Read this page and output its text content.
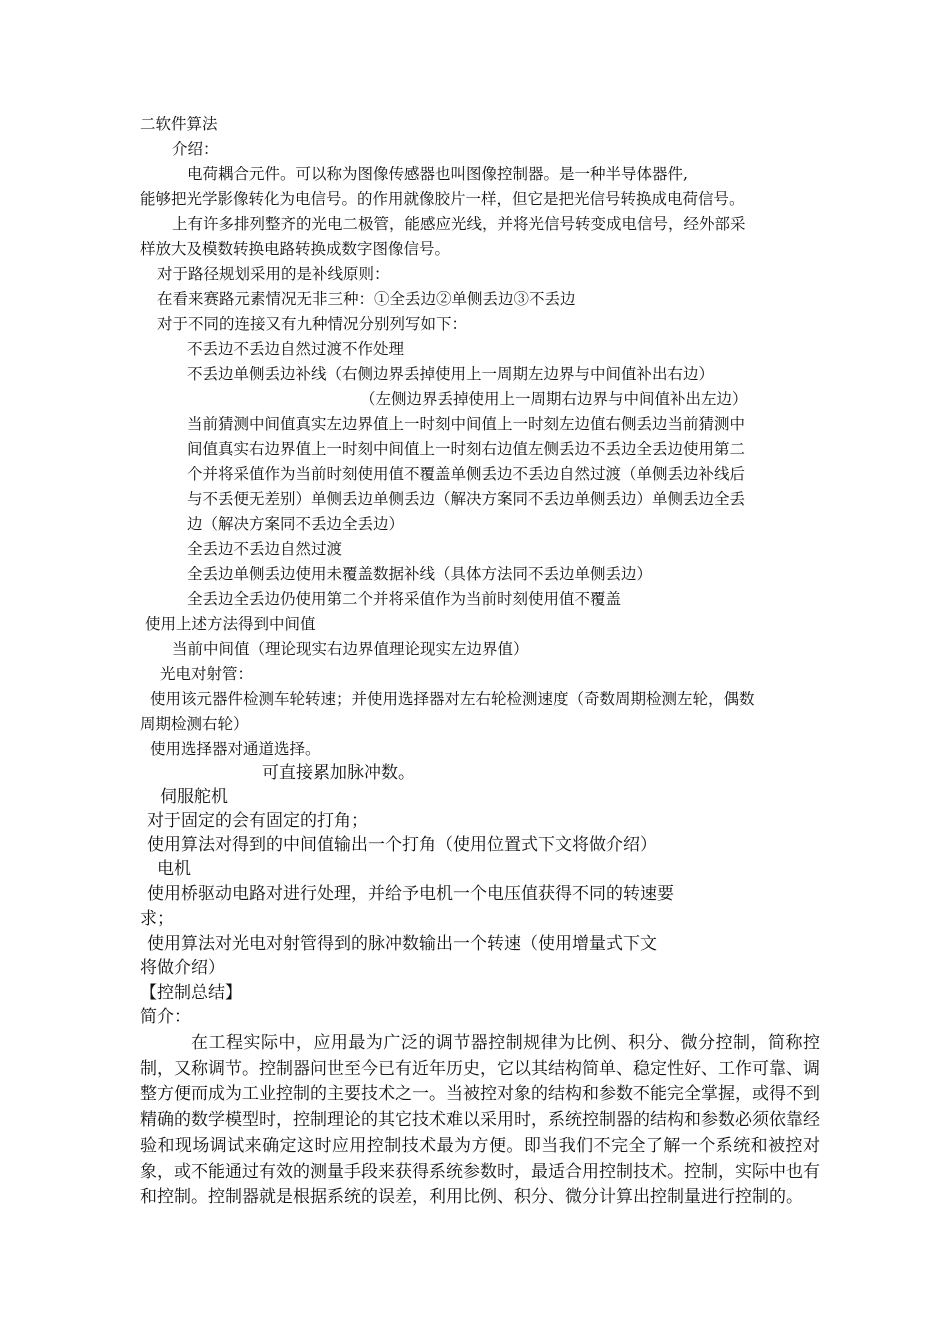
二软件算法

介绍：

电荷耦合元件。可以称为图像传感器也叫图像控制器。是一种半导体器件,

能够把光学影像转化为电信号。的作用就像胶片一样，但它是把光信号转换成电荷信号。

上有许多排列整齐的光电二极管，能感应光线，并将光信号转变成电信号，经外部采

样放大及模数转换电路转换成数字图像信号。

对于路径规划采用的是补线原则：

在看来赛路元素情况无非三种：①全丢边②单侧丢边③不丢边

对于不同的连接又有九种情况分别列写如下：

不丢边不丢边自然过渡不作处理

不丢边单侧丢边补线（右侧边界丢掉使用上一周期左边界与中间值补出右边）

（左侧边界丢掉使用上一周期右边界与中间值补出左边）

当前猜测中间值真实左边界值上一时刻中间值上一时刻左边值右侧丢边当前猜测中

间值真实右边界值上一时刻中间值上一时刻右边值左侧丢边不丢边全丢边使用第二

个并将采值作为当前时刻使用值不覆盖单侧丢边不丢边自然过渡（单侧丢边补线后

与不丢便无差别）单侧丢边单侧丢边（解决方案同不丢边单侧丢边）单侧丢边全丢

边（解决方案同不丢边全丢边）

全丢边不丢边自然过渡

全丢边单侧丢边使用未覆盖数据补线（具体方法同不丢边单侧丢边）

全丢边全丢边仍使用第二个并将采值作为当前时刻使用值不覆盖

使用上述方法得到中间值

当前中间值（理论现实右边界值理论现实左边界值）

光电对射管：

使用该元器件检测车轮转速；并使用选择器对左右轮检测速度（奇数周期检测左轮，偶数

周期检测右轮）

使用选择器对通道选择。

可直接累加脉冲数。

伺服舵机

对于固定的会有固定的打角；

使用算法对得到的中间值输出一个打角（使用位置式下文将做介绍）

电机

使用桥驱动电路对进行处理，并给予电机一个电压值获得不同的转速要

求；

使用算法对光电对射管得到的脉冲数输出一个转速（使用增量式下文

将做介绍）

【控制总结】

简介：

在工程实际中，应用最为广泛的调节器控制规律为比例、积分、微分控制，简称控制，又称调节。控制器问世至今已有近年历史，它以其结构简单、稳定性好、工作可靠、调整方便而成为工业控制的主要技术之一。当被控对象的结构和参数不能完全掌握，或得不到精确的数学模型时，控制理论的其它技术难以采用时，系统控制器的结构和参数必须依靠经验和现场调试来确定这时应用控制技术最为方便。即当我们不完全了解一个系统和被控对象，或不能通过有效的测量手段来获得系统参数时，最适合用控制技术。控制，实际中也有和控制。控制器就是根据系统的误差，利用比例、积分、微分计算出控制量进行控制的。
